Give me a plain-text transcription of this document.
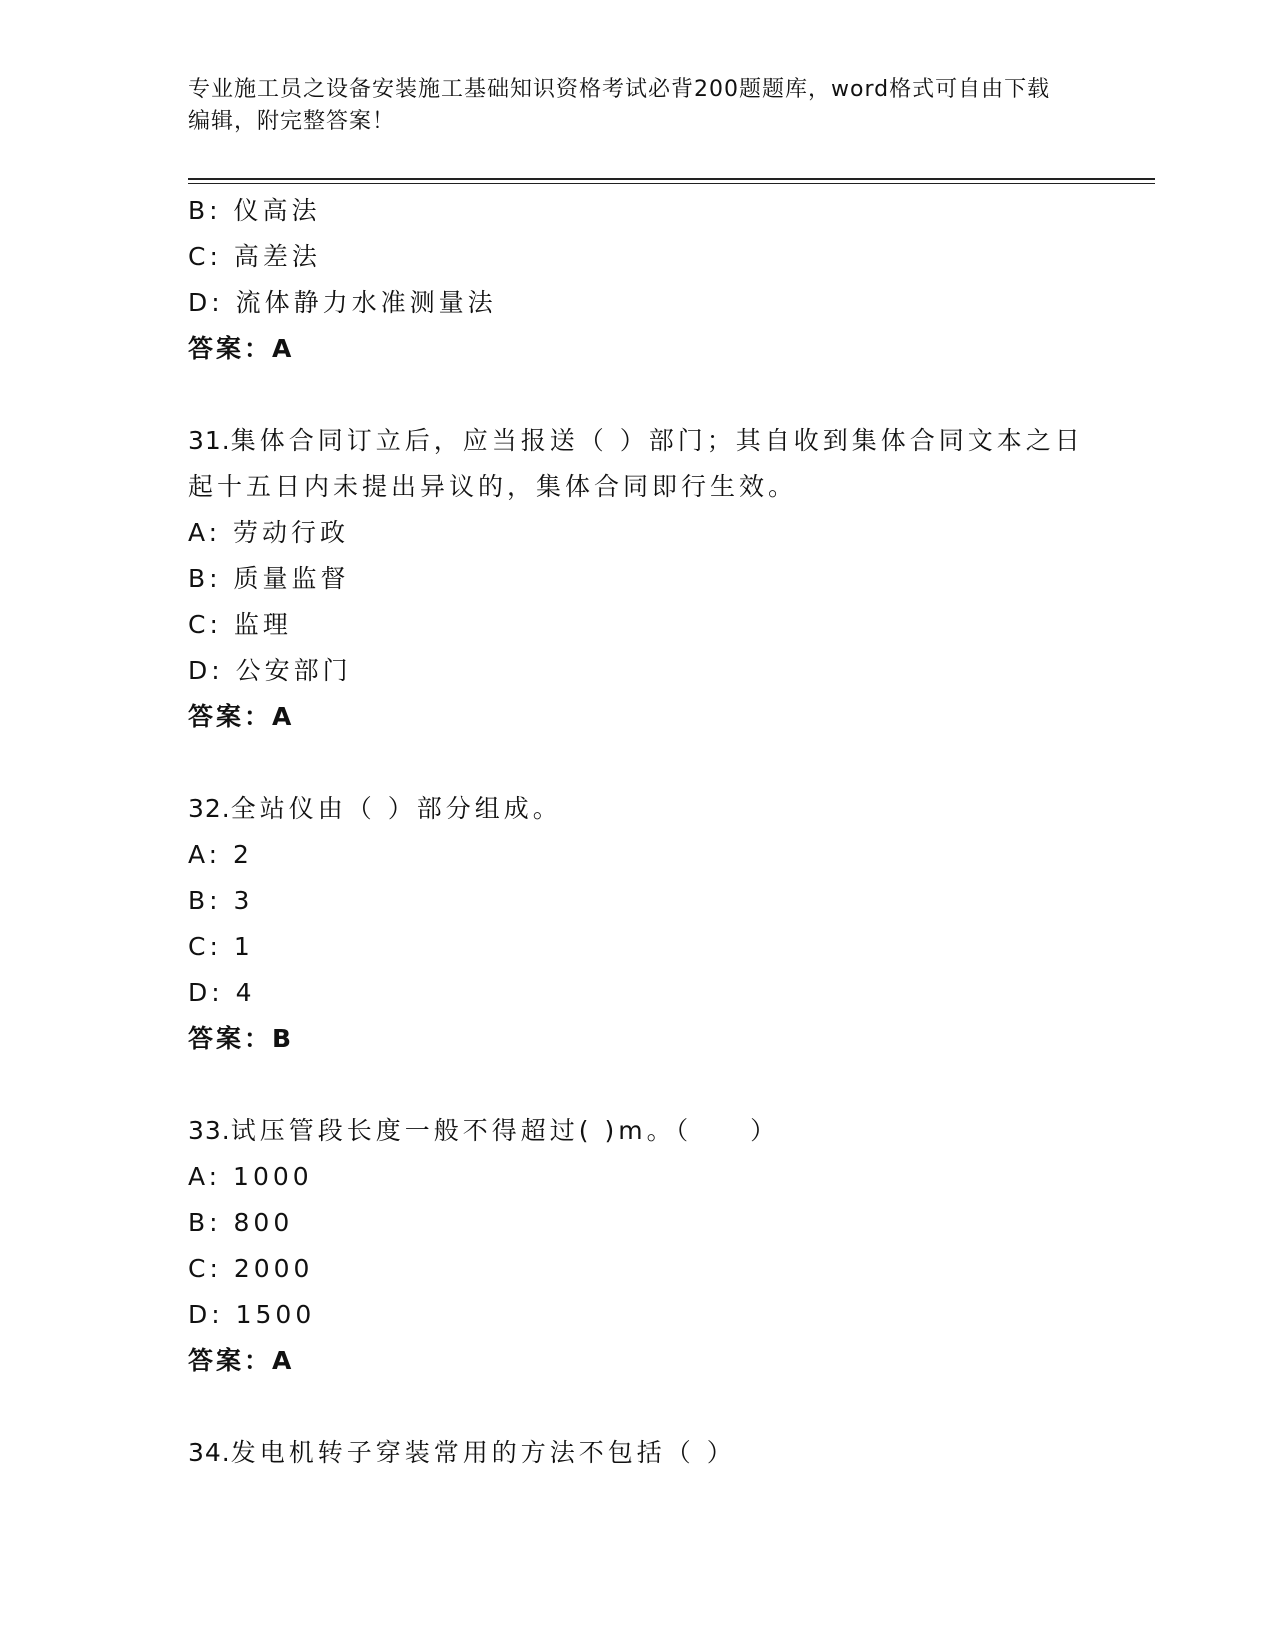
专业施工员之设备安装施工基础知识资格考试必背200题题库，word格式可自由下载编辑，附完整答案！
B: 仪高法
C: 高差法
D: 流体静力水准测量法
答案：A
31.集体合同订立后，应当报送（ ）部门；其自收到集体合同文本之日起十五日内未提出异议的，集体合同即行生效。
A: 劳动行政
B: 质量监督
C: 监理
D: 公安部门
答案：A
32.全站仪由（ ）部分组成。
A: 2
B: 3
C: 1
D: 4
答案：B
33.试压管段长度一般不得超过( )m。（　　）
A: 1000
B: 800
C: 2000
D: 1500
答案：A
34.发电机转子穿装常用的方法不包括（ ）
